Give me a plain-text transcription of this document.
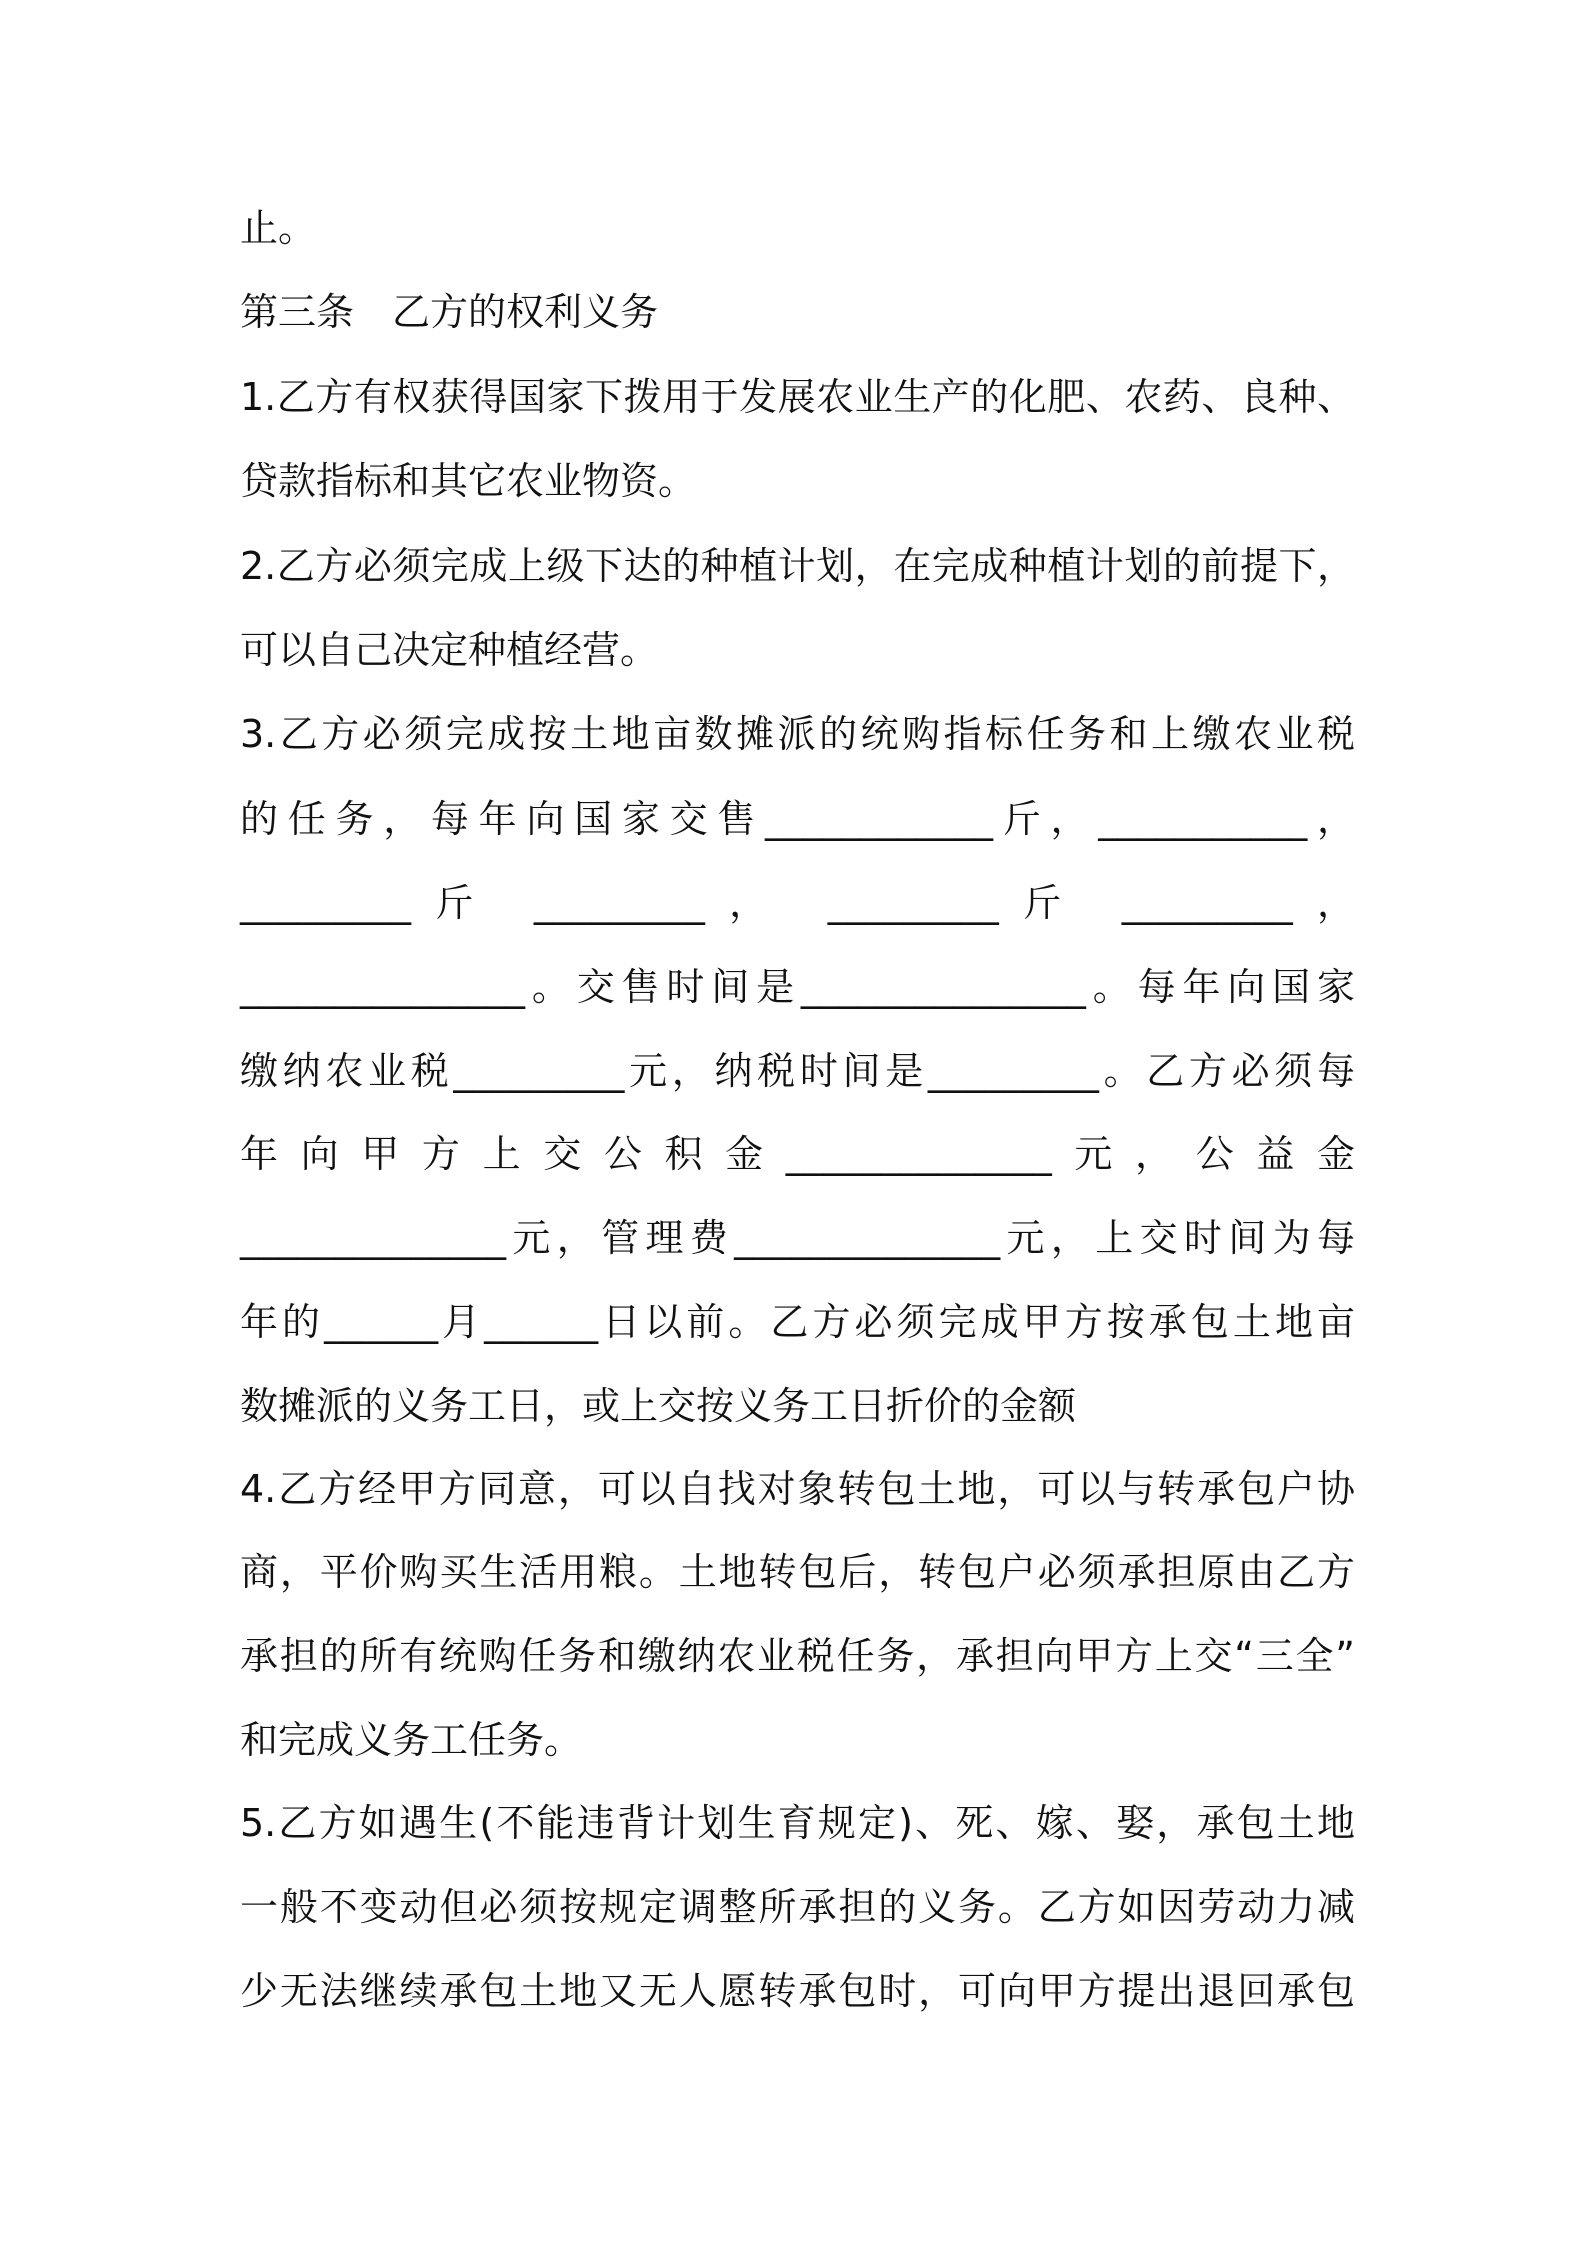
止。
第三条　乙方的权利义务
1.乙方有权获得国家下拨用于发展农业生产的化肥、农药、良种、
贷款指标和其它农业物资。
2.乙方必须完成上级下达的种植计划，在完成种植计划的前提下，
可以自己决定种植经营。
3.乙方必须完成按土地亩数摊派的统购指标任务和上缴农业税
的任务，每年向国家交售____________斤，___________，
_________斤 _________， _________斤 _________，
_______________。交售时间是_______________。每年向国家
缴纳农业税_________元，纳税时间是_________。乙方必须每
年向甲方上交公积金______________元，公益金
______________元，管理费______________元，上交时间为每
年的______月______日以前。乙方必须完成甲方按承包土地亩
数摊派的义务工日，或上交按义务工日折价的金额
4.乙方经甲方同意，可以自找对象转包土地，可以与转承包户协
商，平价购买生活用粮。土地转包后，转包户必须承担原由乙方
承担的所有统购任务和缴纳农业税任务，承担向甲方上交“三全”
和完成义务工任务。
5.乙方如遇生(不能违背计划生育规定)、死、嫁、娶，承包土地
一般不变动但必须按规定调整所承担的义务。乙方如因劳动力减
少无法继续承包土地又无人愿转承包时，可向甲方提出退回承包
